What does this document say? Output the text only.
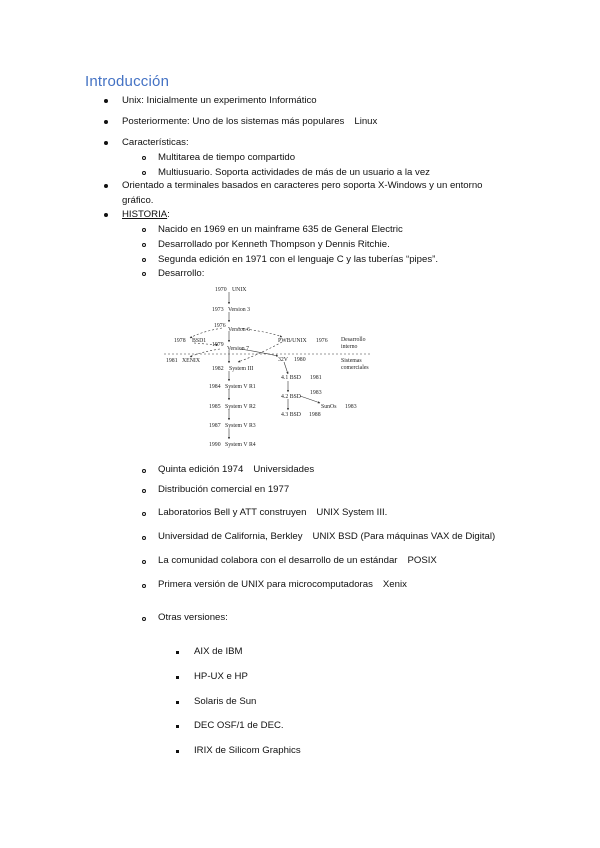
Introducción
Unix: Inicialmente un experimento Informático
Posteriormente: Uno de los sistemas más populares Linux
Características:
Multitarea de tiempo compartido
Multiusuario. Soporta actividades de más de un usuario a la vez
Orientado a terminales basados en caracteres pero soporta X-Windows y un entorno
gráfico.
HISTORIA:
Nacido en 1969 en un mainframe 635 de General Electric
Desarrollado por Kenneth Thompson y Dennis Ritchie.
Segunda edición en 1971 con el lenguaje C y las tuberías “pipes”.
Desarrollo:
1970 UNIX
1973 Version 3
1976
Version 6
1978 BSD1	PWB/UNIX 1976 Desarrollo
interno
1979
Version 7
1981 XENIX	32V 1980	Sistemas
comerciales
1982 System III
4.1 BSD 1981
1984 System V R1
1983
4.2 BSD
SunOs 1983
1985 System V R2
4.3 BSD 1988
1987 System V R3
1990 System V R4
Quinta edición 1974 Universidades
Distribución comercial en 1977
Laboratorios Bell y ATT construyen UNIX System III.
Universidad de California, Berkley UNIX BSD (Para máquinas VAX de Digital)
La comunidad colabora con el desarrollo de un estándar POSIX
Primera versión de UNIX para microcomputadoras Xenix
Otras versiones:
AIX de IBM
HP-UX e HP
Solaris de Sun
DEC OSF/1 de DEC.
IRIX de Silicom Graphics
